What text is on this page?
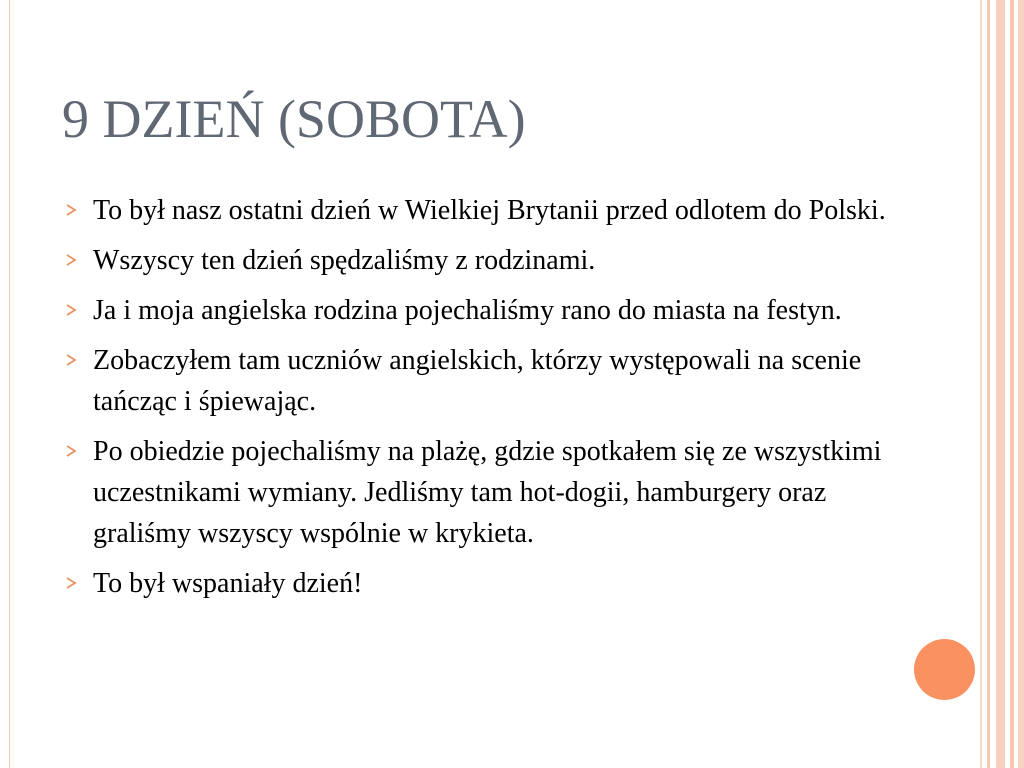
9 DZIEŃ (SOBOTA)
To był nasz ostatni dzień w Wielkiej Brytanii przed odlotem do Polski.
Wszyscy ten dzień spędzaliśmy z rodzinami.
Ja i moja angielska rodzina pojechaliśmy rano do miasta na festyn.
Zobaczyłem tam uczniów angielskich, którzy występowali na scenie tańcząc i śpiewając.
Po obiedzie pojechaliśmy na plażę, gdzie spotkałem się ze wszystkimi uczestnikami wymiany. Jedliśmy tam hot-dogii, hamburgery oraz graliśmy wszyscy wspólnie w krykieta.
To był wspaniały dzień!
